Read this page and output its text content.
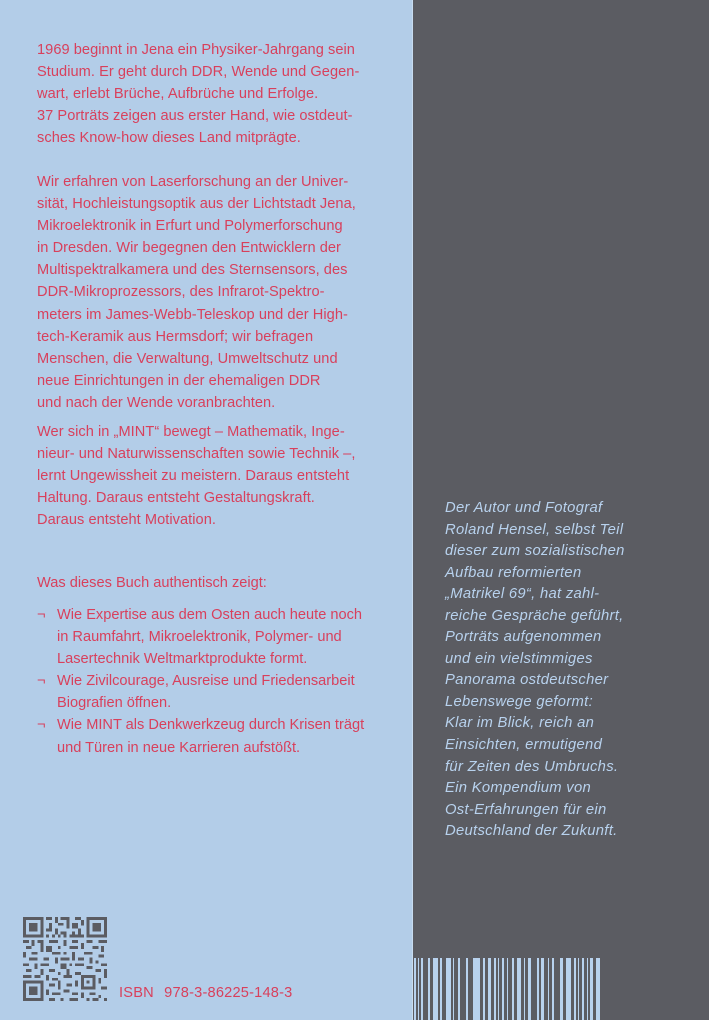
1969 beginnt in Jena ein Physiker-Jahrgang sein
Studium. Er geht durch DDR, Wende und Gegen-
wart, erlebt Brüche, Aufbrüche und Erfolge.
37 Porträts zeigen aus erster Hand, wie ostdeut-
sches Know-how dieses Land mitprägte.

Wir erfahren von Laserforschung an der Univer-
sität, Hochleistungsoptik aus der Lichtstadt Jena,
Mikroelektronik in Erfurt und Polymerforschung
in Dresden. Wir begegnen den Entwicklern der
Multispektralkamera und des Sternsensors, des
DDR-Mikroprozessors, des Infrarot-Spektro-
meters im James-Webb-Teleskop und der High-
tech-Keramik aus Hermsdorf; wir befragen
Menschen, die Verwaltung, Umweltschutz und
neue Einrichtungen in der ehemaligen DDR
und nach der Wende voranbrachten.

Wer sich in „MINT“ bewegt – Mathematik, Inge-
nieur- und Naturwissenschaften sowie Technik –,
lernt Ungewissheit zu meistern. Daraus entsteht
Haltung. Daraus entsteht Gestaltungskraft.
Daraus entsteht Motivation.

Was dieses Buch authentisch zeigt:
¬ Wie Expertise aus dem Osten auch heute noch
in Raumfahrt, Mikroelektronik, Polymer- und
Lasertechnik Weltmarktprodukte formt.
¬ Wie Zivilcourage, Ausreise und Friedensarbeit
Biografien öffnen.
¬ Wie MINT als Denkwerkzeug durch Krisen trägt
und Türen in neue Karrieren aufstößt.
Der Autor und Fotograf
Roland Hensel, selbst Teil
dieser zum sozialistischen
Aufbau reformierten
„Matrikel 69“, hat zahl-
reiche Gespräche geführt,
Porträts aufgenommen
und ein vielstimmiges
Panorama ostdeutscher
Lebenswege geformt:
Klar im Blick, reich an
Einsichten, ermutigend
für Zeiten des Umbruchs.
Ein Kompendium von
Ost-Erfahrungen für ein
Deutschland der Zukunft.
ISBN 978-3-86225-148-3
